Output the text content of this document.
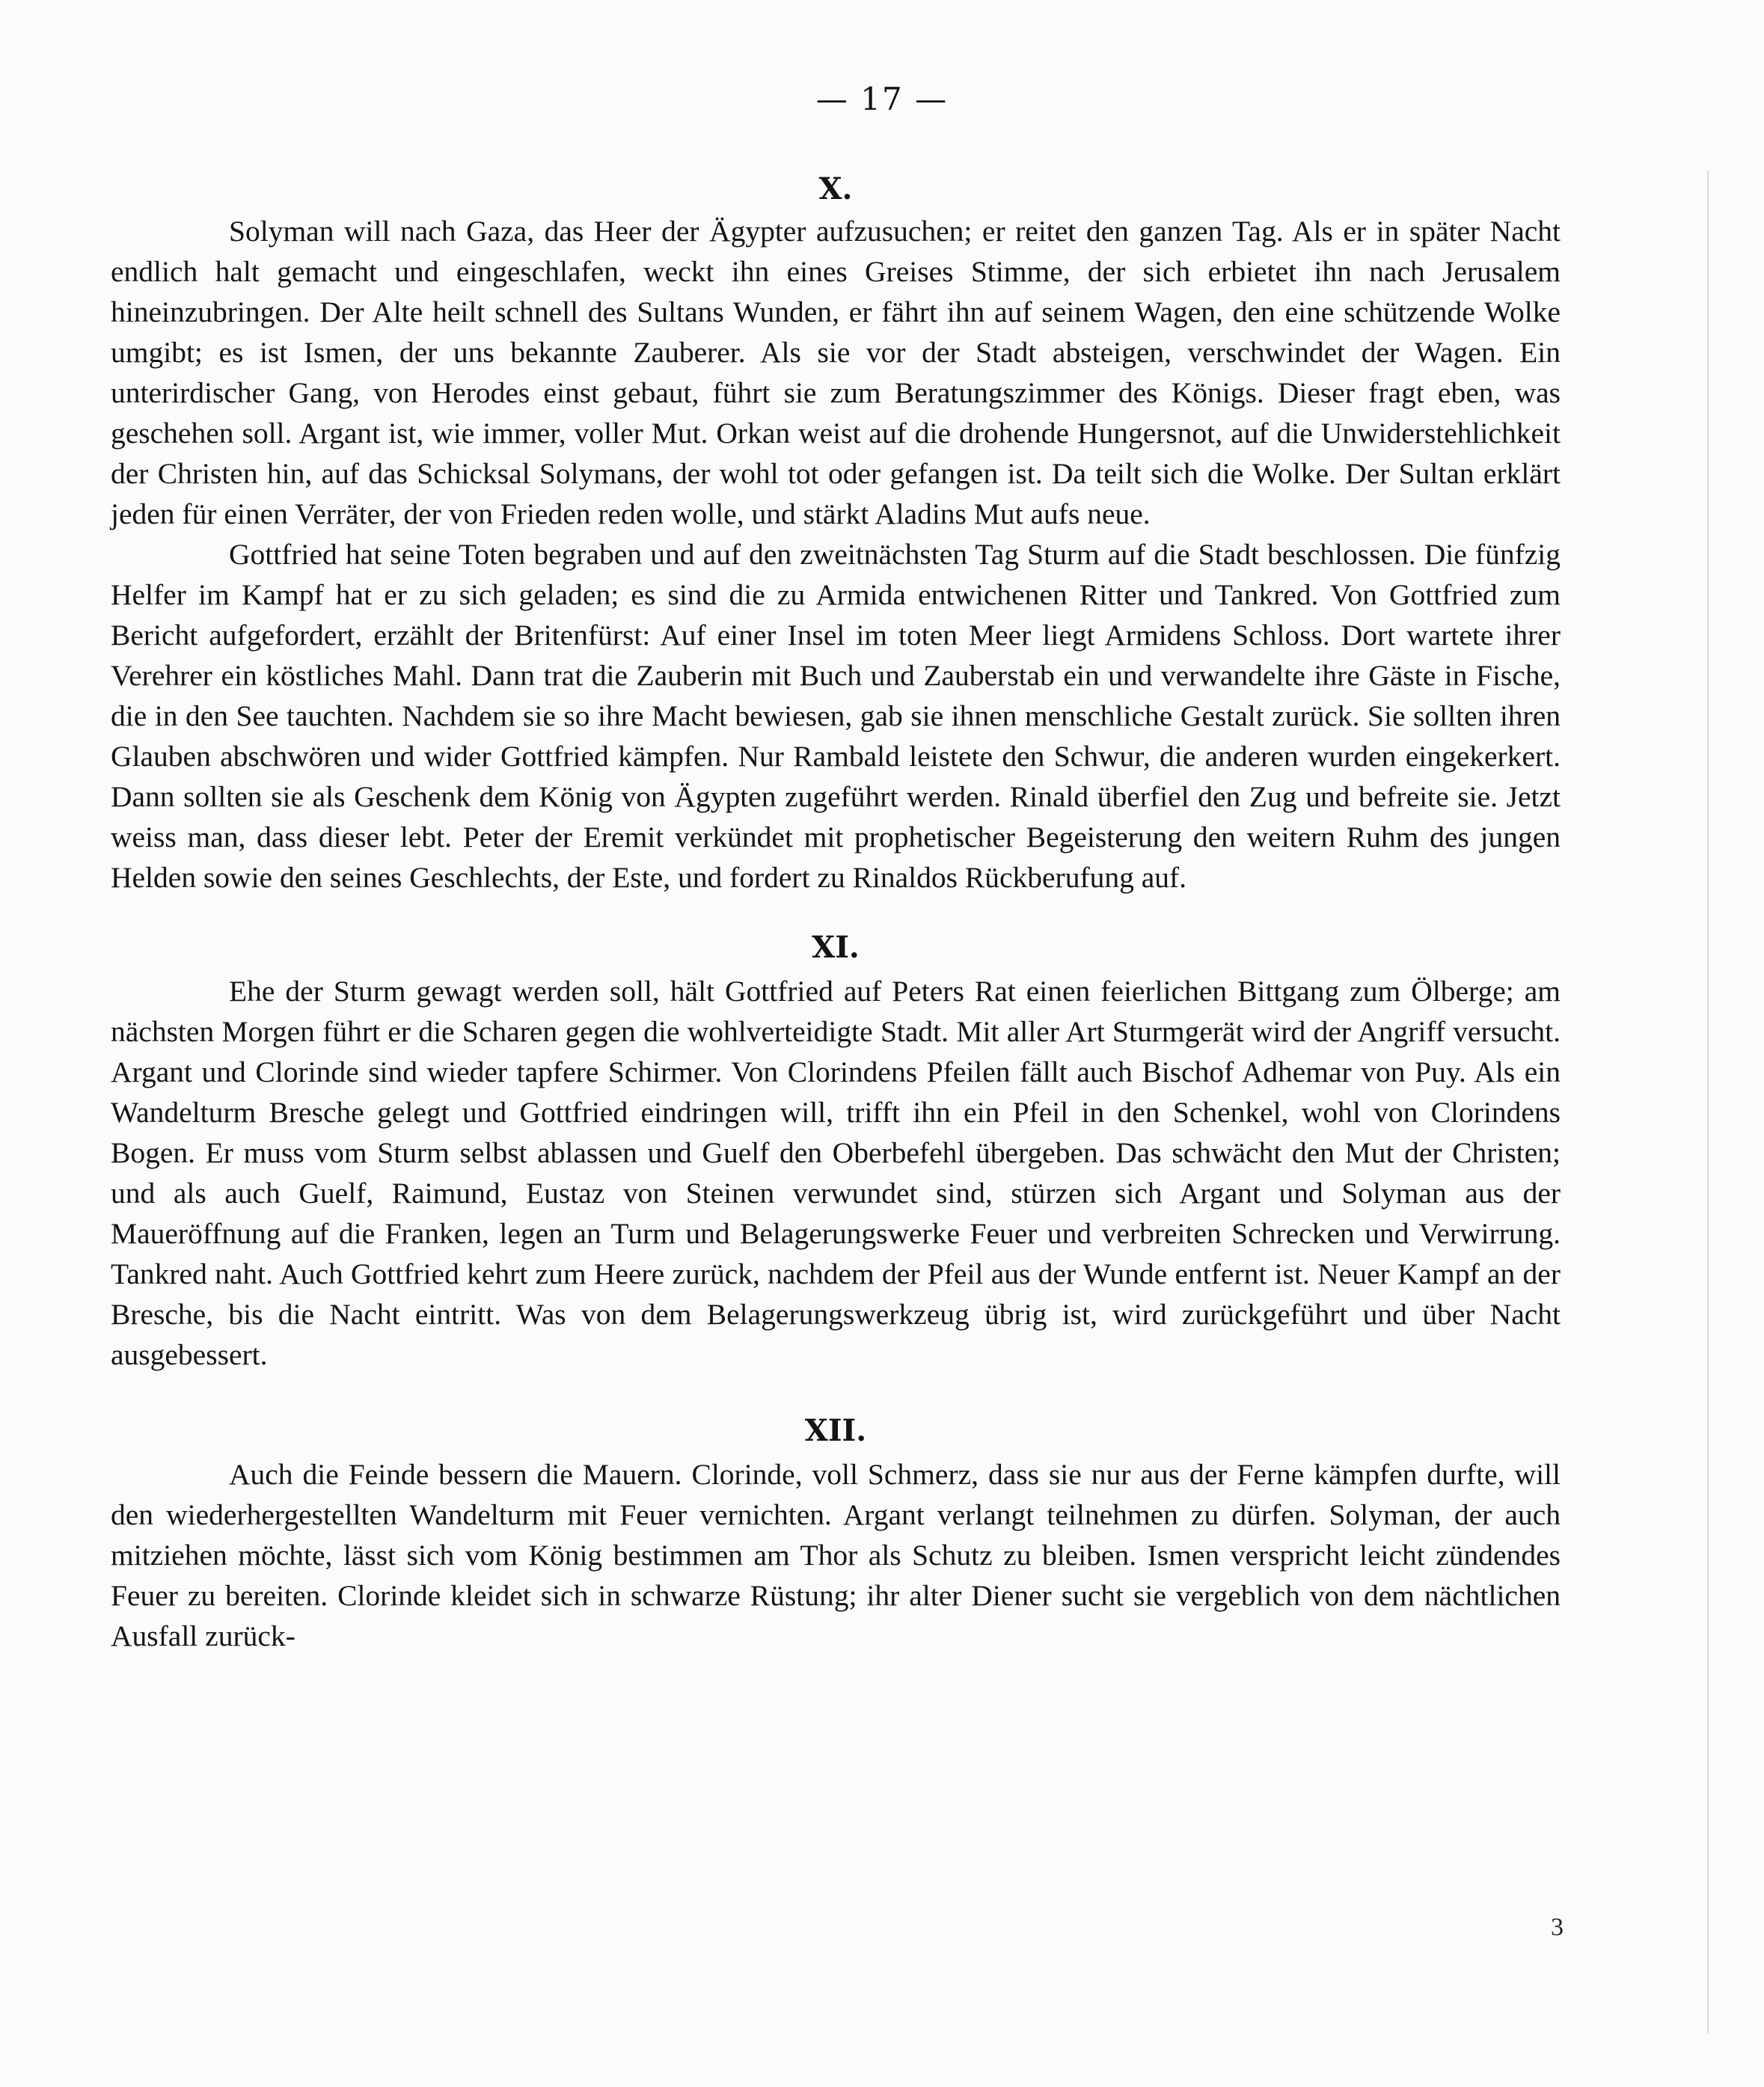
— 17 —
X.

Solyman will nach Gaza, das Heer der Ägypter aufzusuchen; er reitet den ganzen Tag. Als er in später Nacht endlich halt gemacht und eingeschlafen, weckt ihn eines Greises Stimme, der sich erbietet ihn nach Jerusalem hineinzubringen. Der Alte heilt schnell des Sultans Wunden, er fährt ihn auf seinem Wagen, den eine schützende Wolke umgibt; es ist Ismen, der uns bekannte Zauberer. Als sie vor der Stadt absteigen, verschwindet der Wagen. Ein unterirdischer Gang, von Herodes einst gebaut, führt sie zum Beratungszimmer des Königs. Dieser fragt eben, was geschehen soll. Argant ist, wie immer, voller Mut. Orkan weist auf die drohende Hungersnot, auf die Unwiderstehlichkeit der Christen hin, auf das Schicksal Solymans, der wohl tot oder gefangen ist. Da teilt sich die Wolke. Der Sultan erklärt jeden für einen Verräter, der von Frieden reden wolle, und stärkt Aladins Mut aufs neue.

Gottfried hat seine Toten begraben und auf den zweitnächsten Tag Sturm auf die Stadt beschlossen. Die fünfzig Helfer im Kampf hat er zu sich geladen; es sind die zu Armida entwichenen Ritter und Tankred. Von Gottfried zum Bericht aufgefordert, erzählt der Britenfürst: Auf einer Insel im toten Meer liegt Armidens Schloss. Dort wartete ihrer Verehrer ein köstliches Mahl. Dann trat die Zauberin mit Buch und Zauberstab ein und verwandelte ihre Gäste in Fische, die in den See tauchten. Nachdem sie so ihre Macht bewiesen, gab sie ihnen menschliche Gestalt zurück. Sie sollten ihren Glauben abschwören und wider Gottfried kämpfen. Nur Rambald leistete den Schwur, die anderen wurden eingekerkert. Dann sollten sie als Geschenk dem König von Ägypten zugeführt werden. Rinald überfiel den Zug und befreite sie. Jetzt weiss man, dass dieser lebt. Peter der Eremit verkündet mit prophetischer Begeisterung den weitern Ruhm des jungen Helden sowie den seines Geschlechts, der Este, und fordert zu Rinaldos Rückberufung auf.

XI.

Ehe der Sturm gewagt werden soll, hält Gottfried auf Peters Rat einen feierlichen Bittgang zum Ölberge; am nächsten Morgen führt er die Scharen gegen die wohlverteidigte Stadt. Mit aller Art Sturmgerät wird der Angriff versucht. Argant und Clorinde sind wieder tapfere Schirmer. Von Clorindens Pfeilen fällt auch Bischof Adhemar von Puy. Als ein Wandelturm Bresche gelegt und Gottfried eindringen will, trifft ihn ein Pfeil in den Schenkel, wohl von Clorindens Bogen. Er muss vom Sturm selbst ablassen und Guelf den Oberbefehl übergeben. Das schwächt den Mut der Christen; und als auch Guelf, Raimund, Eustaz von Steinen verwundet sind, stürzen sich Argant und Solyman aus der Maueröffnung auf die Franken, legen an Turm und Belagerungswerke Feuer und verbreiten Schrecken und Verwirrung. Tankred naht. Auch Gottfried kehrt zum Heere zurück, nachdem der Pfeil aus der Wunde entfernt ist. Neuer Kampf an der Bresche, bis die Nacht eintritt. Was von dem Belagerungswerkzeug übrig ist, wird zurückgeführt und über Nacht ausgebessert.

XII.

Auch die Feinde bessern die Mauern. Clorinde, voll Schmerz, dass sie nur aus der Ferne kämpfen durfte, will den wiederhergestellten Wandelturm mit Feuer vernichten. Argant verlangt teilnehmen zu dürfen. Solyman, der auch mitziehen möchte, lässt sich vom König bestimmen am Thor als Schutz zu bleiben. Ismen verspricht leicht zündendes Feuer zu bereiten. Clorinde kleidet sich in schwarze Rüstung; ihr alter Diener sucht sie vergeblich von dem nächtlichen Ausfall zurück-

3
